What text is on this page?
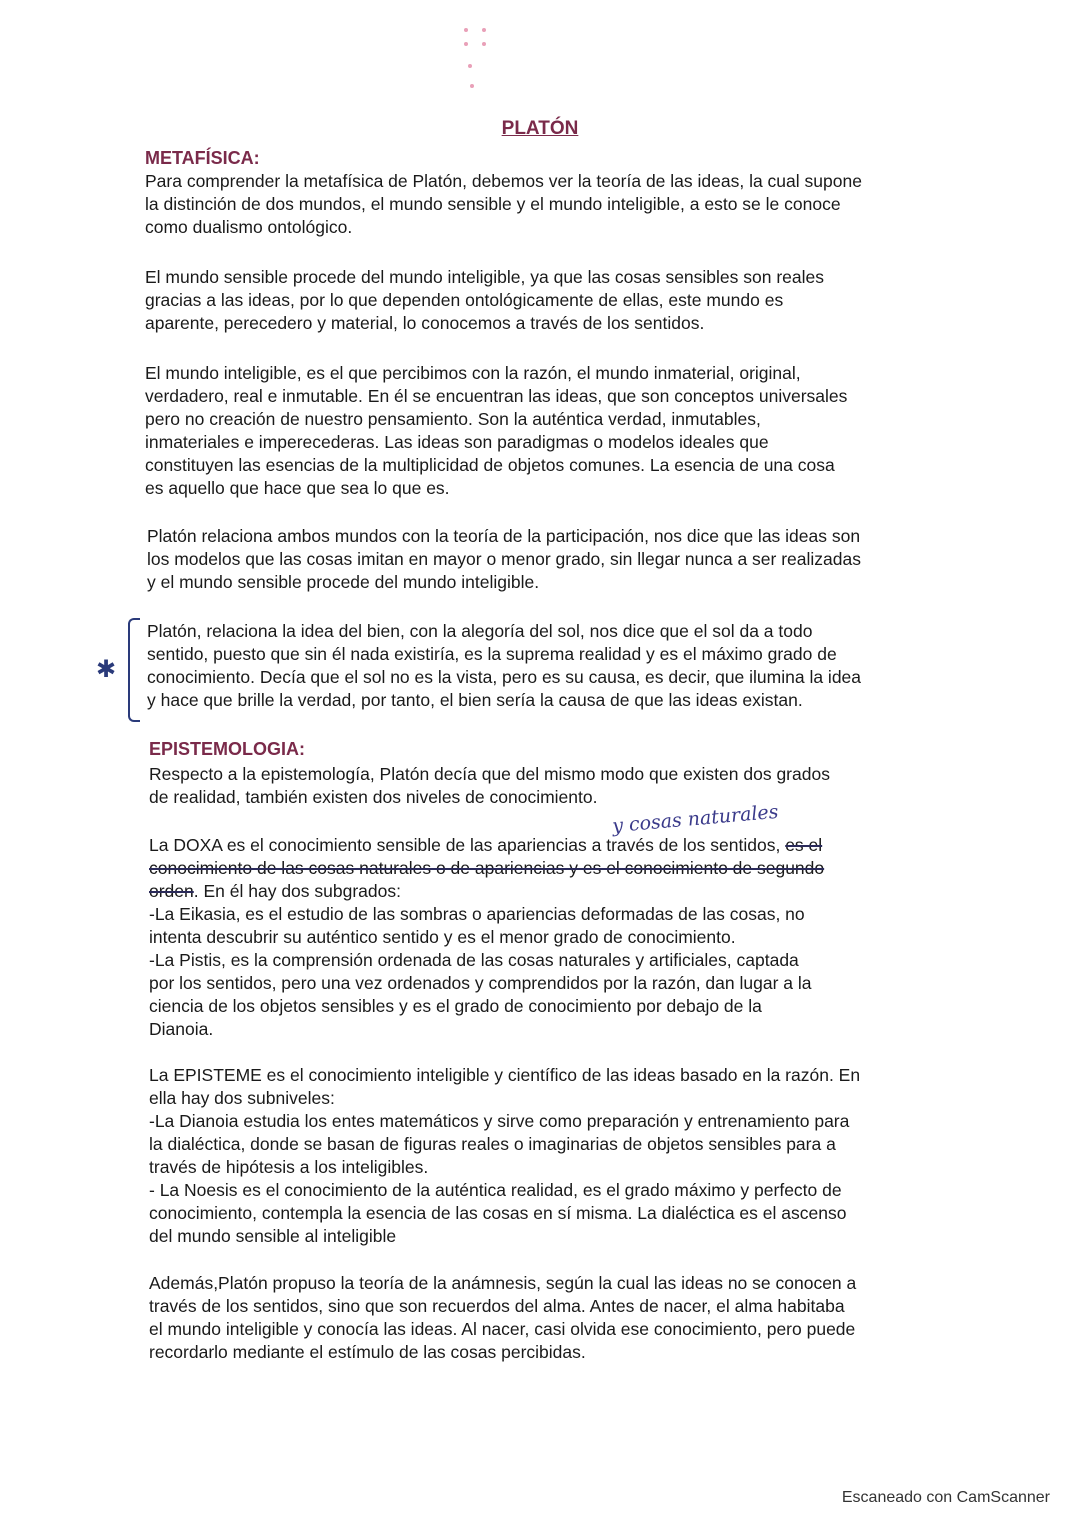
PLATÓN
METAFÍSICA:

Para comprender la metafísica de Platón, debemos ver la teoría de las ideas, la cual supone
la distinción de dos mundos, el mundo sensible y el mundo inteligible, a esto se le conoce
como dualismo ontológico.

El mundo sensible procede del mundo inteligible, ya que las cosas sensibles son reales
gracias a las ideas, por lo que dependen ontológicamente de ellas, este mundo es
aparente, perecedero y material, lo conocemos a través de los sentidos.

El mundo inteligible, es el que percibimos con la razón, el mundo inmaterial, original,
verdadero, real e inmutable. En él se encuentran las ideas, que son conceptos universales
pero no creación de nuestro pensamiento. Son la auténtica verdad, inmutables,
inmateriales e imperecederas. Las ideas son paradigmas o modelos ideales que
constituyen las esencias de la multiplicidad de objetos comunes. La esencia de una cosa
es aquello que hace que sea lo que es.

Platón relaciona ambos mundos con la teoría de la participación, nos dice que las ideas son
los modelos que las cosas imitan en mayor o menor grado, sin llegar nunca a ser realizadas
y el mundo sensible procede del mundo inteligible.

✱

Platón, relaciona la idea del bien, con la alegoría del sol, nos dice que el sol da a todo
sentido, puesto que sin él nada existiría, es la suprema realidad y es el máximo grado de
conocimiento. Decía que el sol no es la vista, pero es su causa, es decir, que ilumina la idea
y hace que brille la verdad, por tanto, el bien sería la causa de que las ideas existan.

EPISTEMOLOGIA:

Respecto a la epistemología, Platón decía que del mismo modo que existen dos grados
de realidad, también existen dos niveles de conocimiento.

y cosas naturales

La DOXA es el conocimiento sensible de las apariencias a través de los sentidos, es el
conocimiento de las cosas naturales o de apariencias y es el conocimiento de segundo
orden. En él hay dos subgrados:
-La Eikasia, es el estudio de las sombras o apariencias deformadas de las cosas, no
intenta descubrir su auténtico sentido y es el menor grado de conocimiento.
-La Pistis, es la comprensión ordenada de las cosas naturales y artificiales, captada
por los sentidos, pero una vez ordenados y comprendidos por la razón, dan lugar a la
ciencia de los objetos sensibles y es el grado de conocimiento por debajo de la
Dianoia.

La EPISTEME es el conocimiento inteligible y científico de las ideas basado en la razón. En
ella hay dos subniveles:
-La Dianoia estudia los entes matemáticos y sirve como preparación y entrenamiento para
la dialéctica, donde se basan de figuras reales o imaginarias de objetos sensibles para a
través de hipótesis a los inteligibles.
- La Noesis es el conocimiento de la auténtica realidad, es el grado máximo y perfecto de
conocimiento, contempla la esencia de las cosas en sí misma. La dialéctica es el ascenso
del mundo sensible al inteligible

Además,Platón propuso la teoría de la anámnesis, según la cual las ideas no se conocen a
través de los sentidos, sino que son recuerdos del alma. Antes de nacer, el alma habitaba
el mundo inteligible y conocía las ideas. Al nacer, casi olvida ese conocimiento, pero puede
recordarlo mediante el estímulo de las cosas percibidas.

Escaneado con CamScanner
